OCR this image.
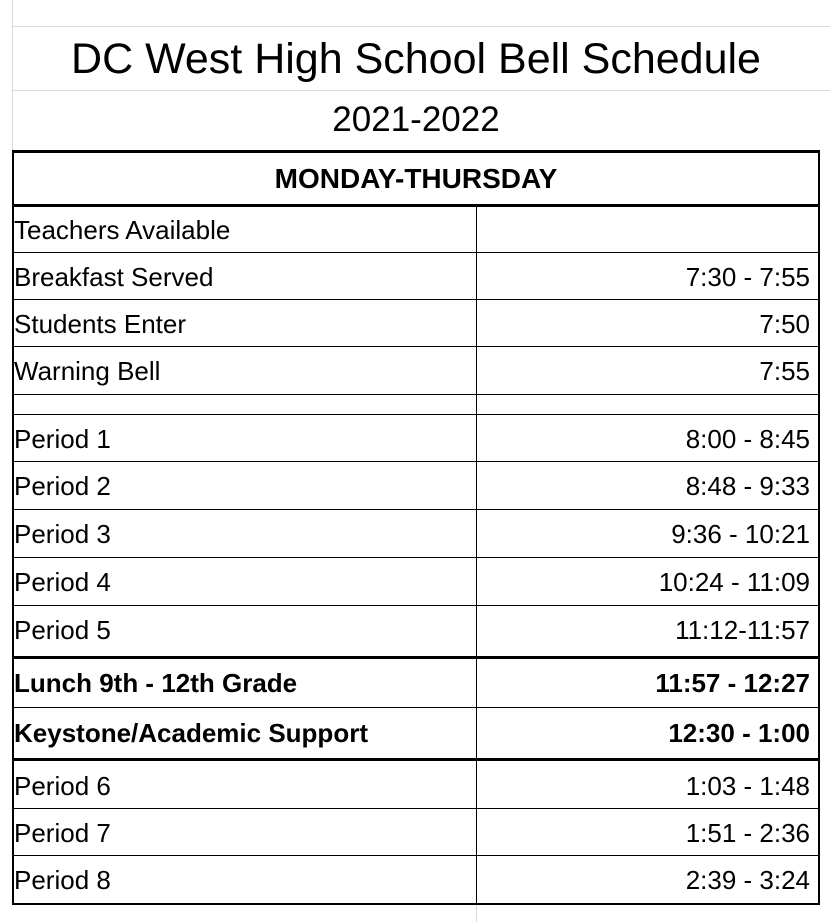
DC West High School Bell Schedule
2021-2022
MONDAY-THURSDAY
Teachers Available
Breakfast Served	7:30 - 7:55
Students Enter	7:50
Warning Bell	7:55
Period 1	8:00 - 8:45
Period 2	8:48 - 9:33
Period 3	9:36 - 10:21
Period 4	10:24 - 11:09
Period 5	11:12-11:57
Lunch 9th - 12th Grade	11:57 - 12:27
Keystone/Academic Support	12:30 - 1:00
Period 6	1:03 - 1:48
Period 7	1:51 - 2:36
Period 8	2:39 - 3:24
